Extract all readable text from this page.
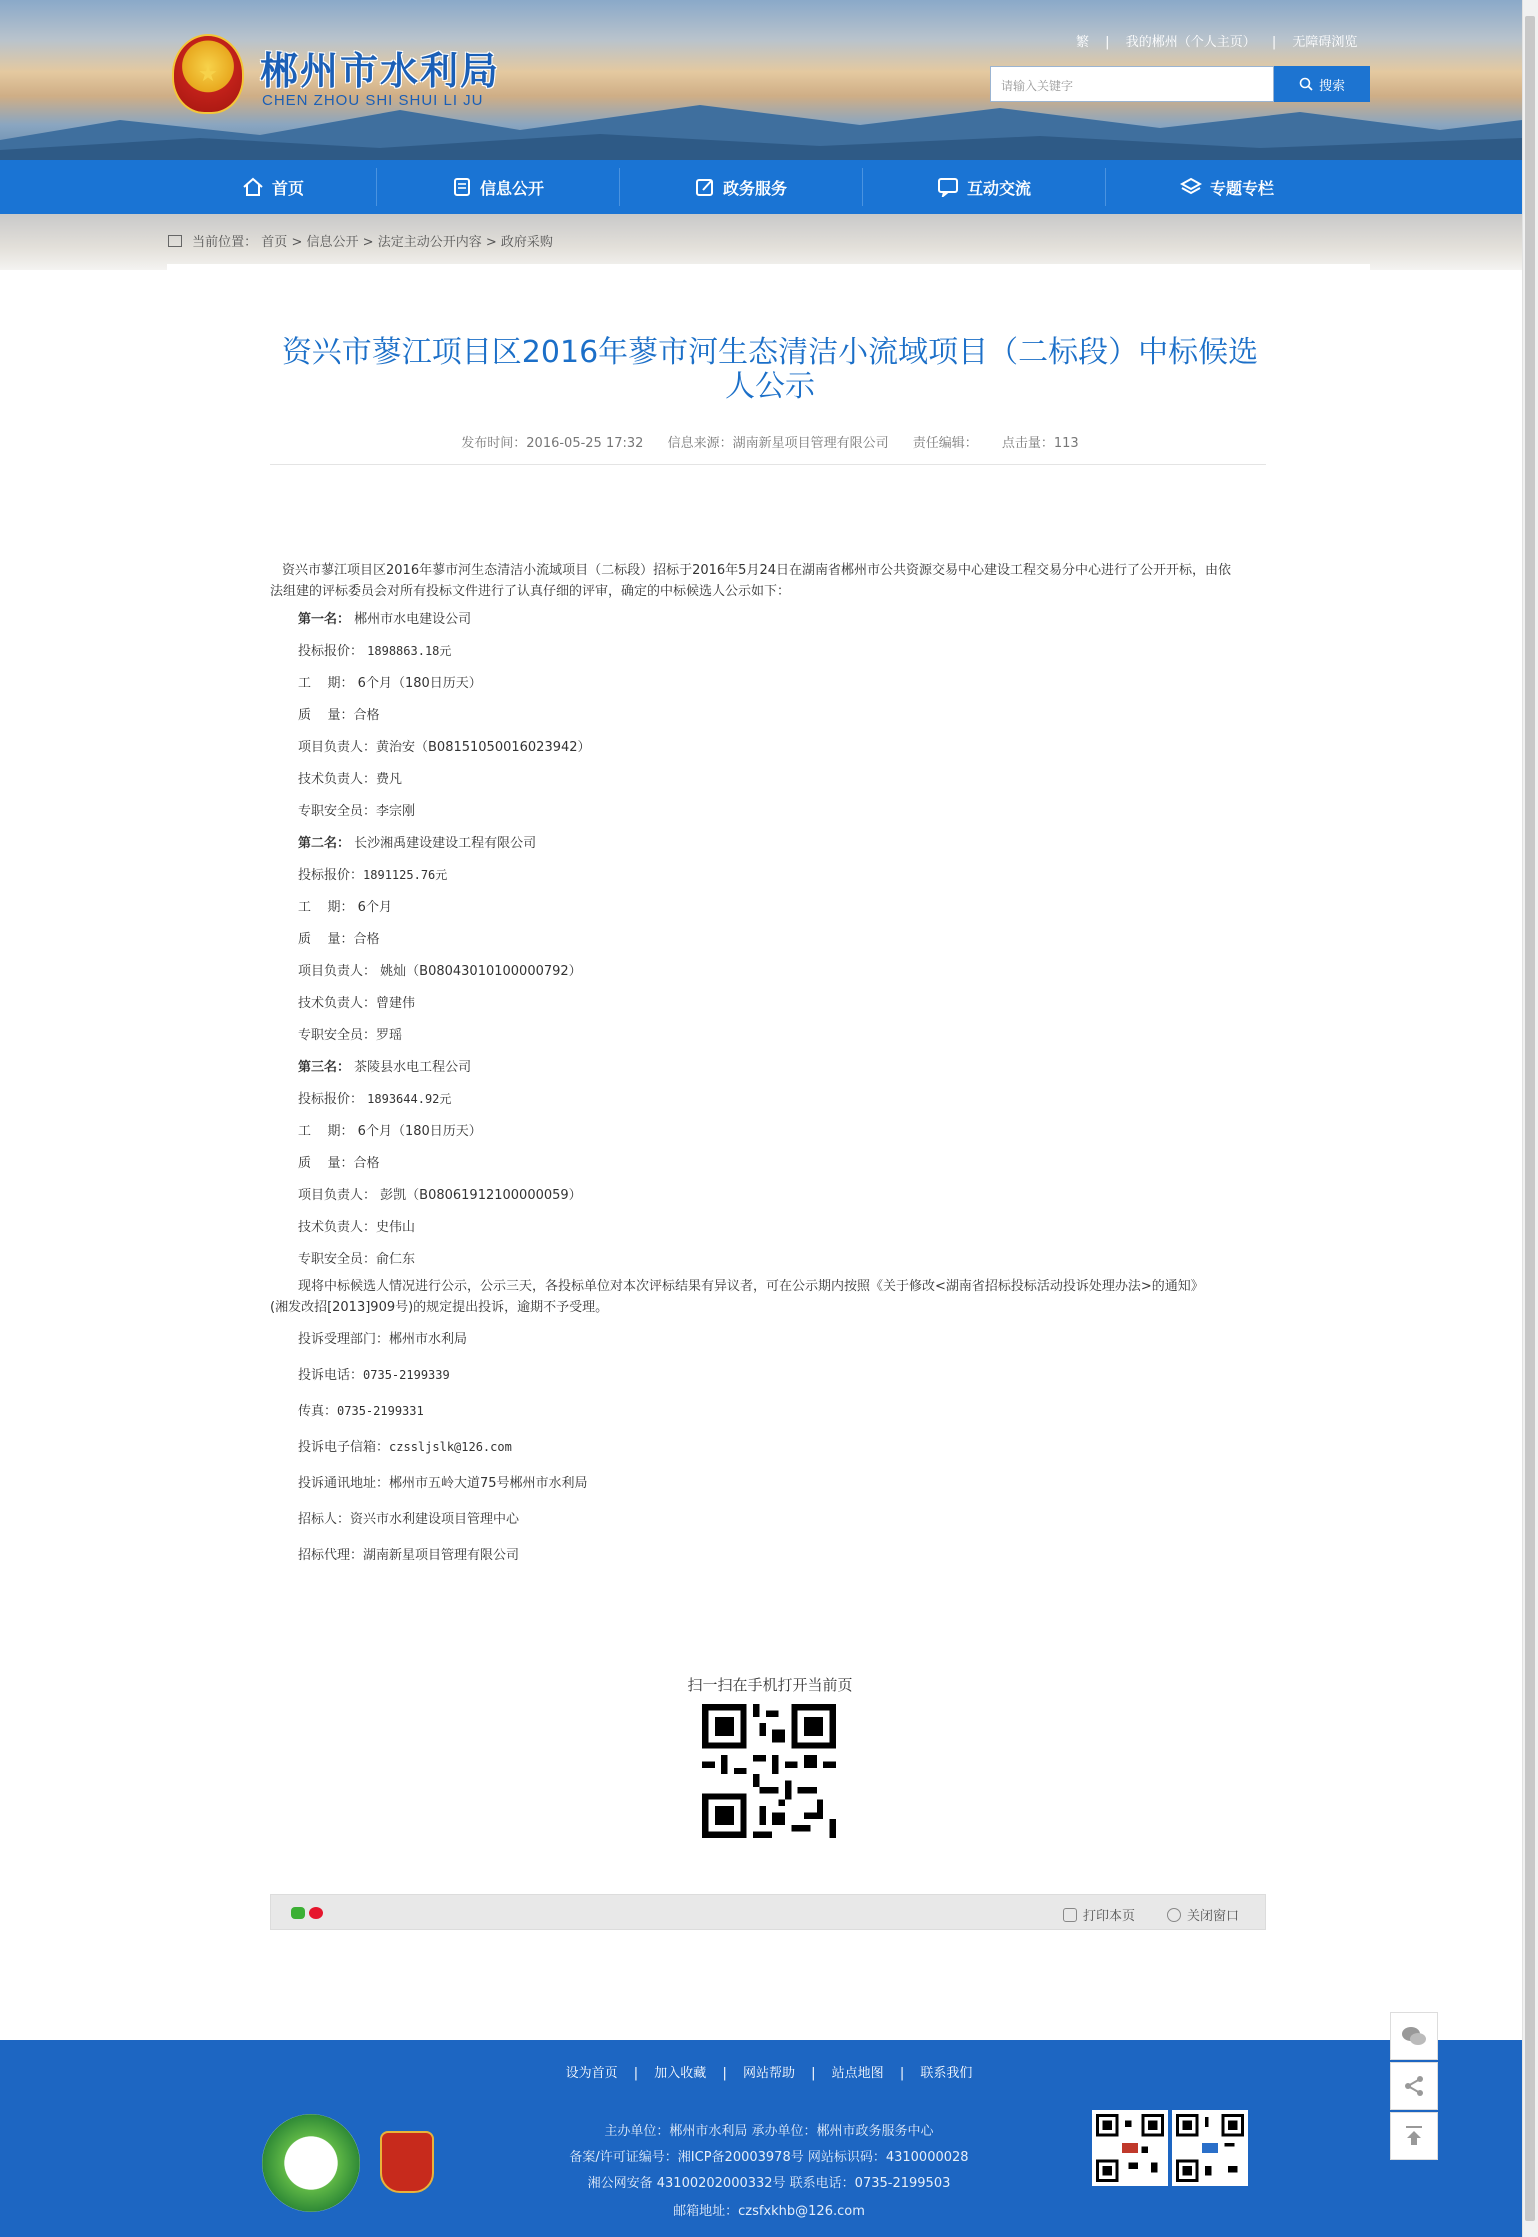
★ 郴州市水利局
CHEN ZHOU SHI SHUI LI JU
繁 | 我的郴州（个人主页） | 无障碍浏览
请输入关键字	搜索
首页	信息公开	政务服务	互动交流	专题专栏
当前位置： 首页 > 信息公开 > 法定主动公开内容 > 政府采购
资兴市蓼江项目区2016年蓼市河生态清洁小流域项目（二标段）中标候选人公示
发布时间：2016-05-25 17:32 信息来源：湖南新星项目管理有限公司 责任编辑： 点击量：113
资兴市蓼江项目区2016年蓼市河生态清洁小流域项目（二标段）招标于2016年5月24日在湖南省郴州市公共资源交易中心建设工程交易分中心进行了公开开标，由依
法组建的评标委员会对所有投标文件进行了认真仔细的评审，确定的中标候选人公示如下：
第一名： 郴州市水电建设公司
投标报价： 1898863.18元
工    期： 6个月（180日历天）
质    量：合格
项目负责人：黄治安（B08151050016023942）
技术负责人：费凡
专职安全员：李宗刚
第二名： 长沙湘禹建设建设工程有限公司
投标报价：1891125.76元
工    期： 6个月
质    量：合格
项目负责人： 姚灿（B08043010100000792）
技术负责人：曾建伟
专职安全员：罗瑶
第三名： 茶陵县水电工程公司
投标报价： 1893644.92元
工    期： 6个月（180日历天）
质    量：合格
项目负责人： 彭凯（B08061912100000059）
技术负责人：史伟山
专职安全员：俞仁东
现将中标候选人情况进行公示，公示三天，各投标单位对本次评标结果有异议者，可在公示期内按照《关于修改<湖南省招标投标活动投诉处理办法>的通知》
(湘发改招[2013]909号)的规定提出投诉，逾期不予受理。
投诉受理部门：郴州市水利局
投诉电话：0735-2199339
传真：0735-2199331
投诉电子信箱：czssljslk@126.com
投诉通讯地址：郴州市五岭大道75号郴州市水利局
招标人：资兴市水利建设项目管理中心
招标代理：湖南新星项目管理有限公司
扫一扫在手机打开当前页
打印本页	关闭窗口
设为首页 | 加入收藏 | 网站帮助 | 站点地图 | 联系我们
主办单位：郴州市水利局 承办单位：郴州市政务服务中心
备案/许可证编号：湘ICP备20003978号 网站标识码：4310000028
湘公网安备 43100202000332号 联系电话：0735-2199503
邮箱地址：czsfxkhb@126.com
